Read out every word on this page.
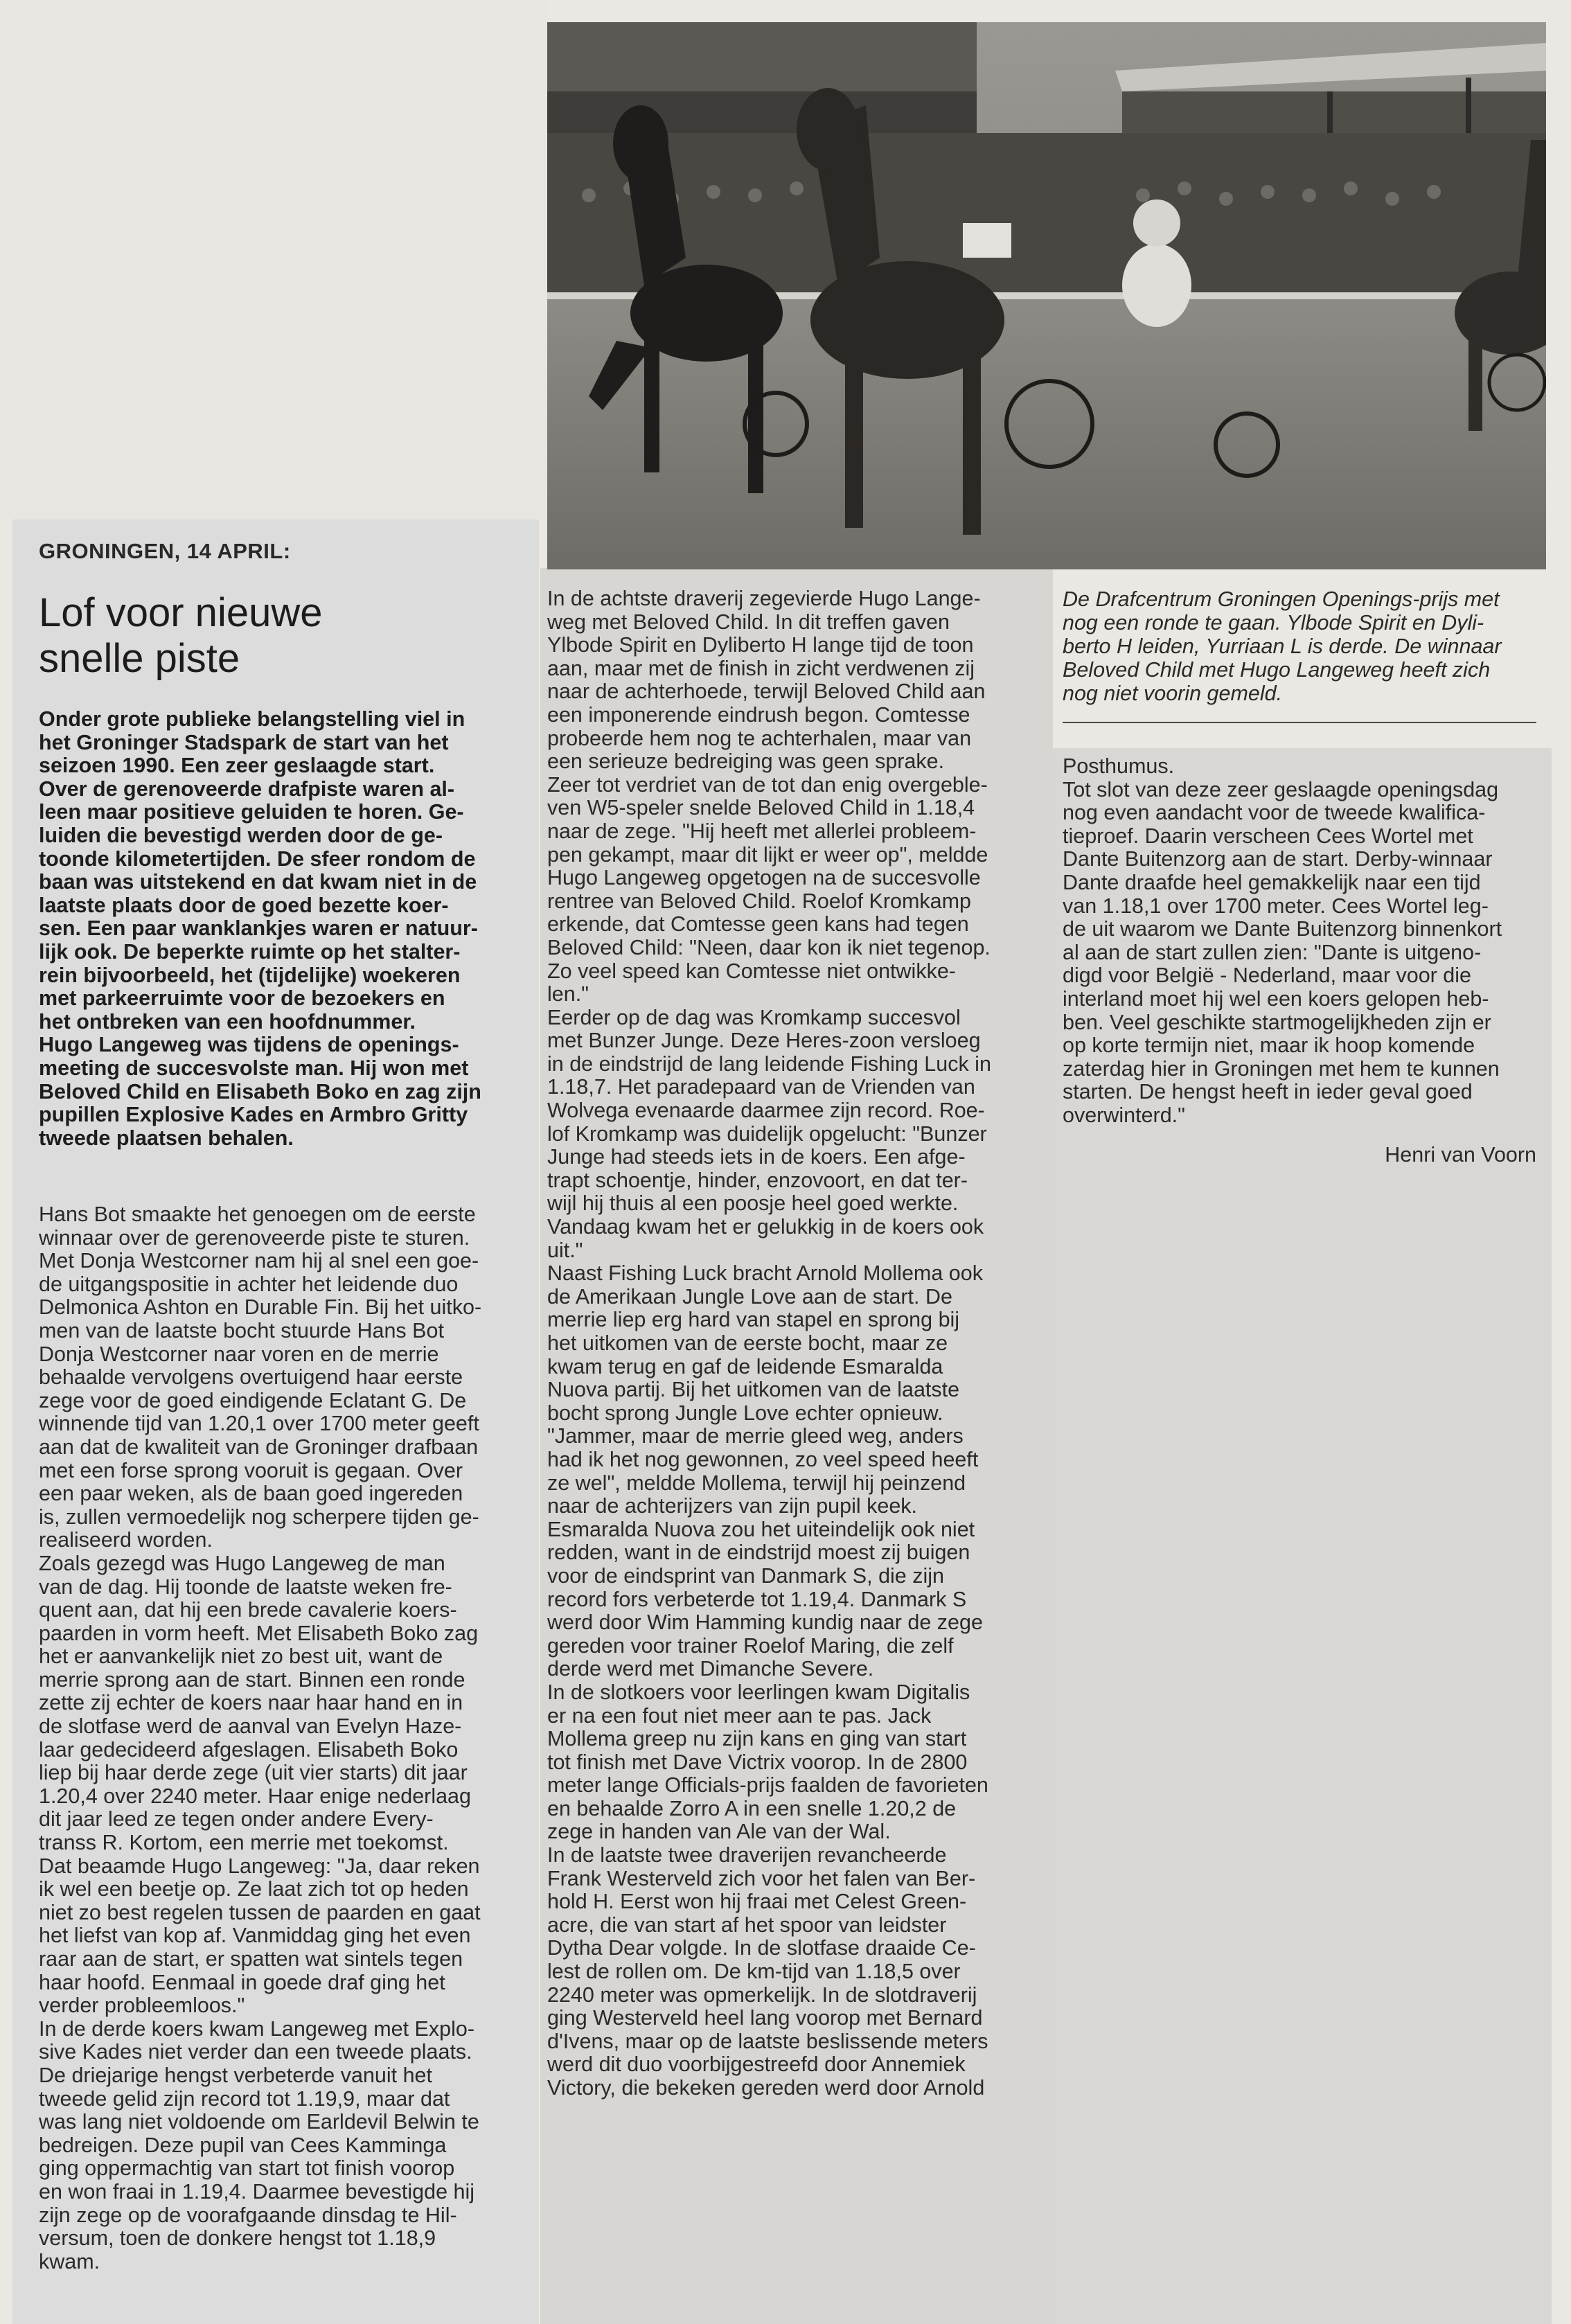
GRONINGEN, 14 APRIL:
Lof voor nieuwe
snelle piste
Onder grote publieke belangstelling viel in
het Groninger Stadspark de start van het
seizoen 1990. Een zeer geslaagde start.
Over de gerenoveerde drafpiste waren al-
leen maar positieve geluiden te horen. Ge-
luiden die bevestigd werden door de ge-
toonde kilometertijden. De sfeer rondom de
baan was uitstekend en dat kwam niet in de
laatste plaats door de goed bezette koer-
sen. Een paar wanklankjes waren er natuur-
lijk ook. De beperkte ruimte op het stalter-
rein bijvoorbeeld, het (tijdelijke) woekeren
met parkeerruimte voor de bezoekers en
het ontbreken van een hoofdnummer.
Hugo Langeweg was tijdens de openings-
meeting de succesvolste man. Hij won met
Beloved Child en Elisabeth Boko en zag zijn
pupillen Explosive Kades en Armbro Gritty
tweede plaatsen behalen.

Hans Bot smaakte het genoegen om de eerste
winnaar over de gerenoveerde piste te sturen.
Met Donja Westcorner nam hij al snel een goe-
de uitgangspositie in achter het leidende duo
Delmonica Ashton en Durable Fin. Bij het uitko-
men van de laatste bocht stuurde Hans Bot
Donja Westcorner naar voren en de merrie
behaalde vervolgens overtuigend haar eerste
zege voor de goed eindigende Eclatant G. De
winnende tijd van 1.20,1 over 1700 meter geeft
aan dat de kwaliteit van de Groninger drafbaan
met een forse sprong vooruit is gegaan. Over
een paar weken, als de baan goed ingereden
is, zullen vermoedelijk nog scherpere tijden ge-
realiseerd worden.
Zoals gezegd was Hugo Langeweg de man
van de dag. Hij toonde de laatste weken fre-
quent aan, dat hij een brede cavalerie koers-
paarden in vorm heeft. Met Elisabeth Boko zag
het er aanvankelijk niet zo best uit, want de
merrie sprong aan de start. Binnen een ronde
zette zij echter de koers naar haar hand en in
de slotfase werd de aanval van Evelyn Haze-
laar gedecideerd afgeslagen. Elisabeth Boko
liep bij haar derde zege (uit vier starts) dit jaar
1.20,4 over 2240 meter. Haar enige nederlaag
dit jaar leed ze tegen onder andere Every-
transs R. Kortom, een merrie met toekomst.
Dat beaamde Hugo Langeweg: "Ja, daar reken
ik wel een beetje op. Ze laat zich tot op heden
niet zo best regelen tussen de paarden en gaat
het liefst van kop af. Vanmiddag ging het even
raar aan de start, er spatten wat sintels tegen
haar hoofd. Eenmaal in goede draf ging het
verder probleemloos."
In de derde koers kwam Langeweg met Explo-
sive Kades niet verder dan een tweede plaats.
De driejarige hengst verbeterde vanuit het
tweede gelid zijn record tot 1.19,9, maar dat
was lang niet voldoende om Earldevil Belwin te
bedreigen. Deze pupil van Cees Kamminga
ging oppermachtig van start tot finish voorop
en won fraai in 1.19,4. Daarmee bevestigde hij
zijn zege op de voorafgaande dinsdag te Hil-
versum, toen de donkere hengst tot 1.18,9
kwam.

In de achtste draverij zegevierde Hugo Lange-
weg met Beloved Child. In dit treffen gaven
Ylbode Spirit en Dyliberto H lange tijd de toon
aan, maar met de finish in zicht verdwenen zij
naar de achterhoede, terwijl Beloved Child aan
een imponerende eindrush begon. Comtesse
probeerde hem nog te achterhalen, maar van
een serieuze bedreiging was geen sprake.
Zeer tot verdriet van de tot dan enig overgeble-
ven W5-speler snelde Beloved Child in 1.18,4
naar de zege. "Hij heeft met allerlei probleem-
pen gekampt, maar dit lijkt er weer op", meldde
Hugo Langeweg opgetogen na de succesvolle
rentree van Beloved Child. Roelof Kromkamp
erkende, dat Comtesse geen kans had tegen
Beloved Child: "Neen, daar kon ik niet tegenop.
Zo veel speed kan Comtesse niet ontwikke-
len."
Eerder op de dag was Kromkamp succesvol
met Bunzer Junge. Deze Heres-zoon versloeg
in de eindstrijd de lang leidende Fishing Luck in
1.18,7. Het paradepaard van de Vrienden van
Wolvega evenaarde daarmee zijn record. Roe-
lof Kromkamp was duidelijk opgelucht: "Bunzer
Junge had steeds iets in de koers. Een afge-
trapt schoentje, hinder, enzovoort, en dat ter-
wijl hij thuis al een poosje heel goed werkte.
Vandaag kwam het er gelukkig in de koers ook
uit."
Naast Fishing Luck bracht Arnold Mollema ook
de Amerikaan Jungle Love aan de start. De
merrie liep erg hard van stapel en sprong bij
het uitkomen van de eerste bocht, maar ze
kwam terug en gaf de leidende Esmaralda
Nuova partij. Bij het uitkomen van de laatste
bocht sprong Jungle Love echter opnieuw.
"Jammer, maar de merrie gleed weg, anders
had ik het nog gewonnen, zo veel speed heeft
ze wel", meldde Mollema, terwijl hij peinzend
naar de achterijzers van zijn pupil keek.
Esmaralda Nuova zou het uiteindelijk ook niet
redden, want in de eindstrijd moest zij buigen
voor de eindsprint van Danmark S, die zijn
record fors verbeterde tot 1.19,4. Danmark S
werd door Wim Hamming kundig naar de zege
gereden voor trainer Roelof Maring, die zelf
derde werd met Dimanche Severe.
In de slotkoers voor leerlingen kwam Digitalis
er na een fout niet meer aan te pas. Jack
Mollema greep nu zijn kans en ging van start
tot finish met Dave Victrix voorop. In de 2800
meter lange Officials-prijs faalden de favorieten
en behaalde Zorro A in een snelle 1.20,2 de
zege in handen van Ale van der Wal.
In de laatste twee draverijen revancheerde
Frank Westerveld zich voor het falen van Ber-
hold H. Eerst won hij fraai met Celest Green-
acre, die van start af het spoor van leidster
Dytha Dear volgde. In de slotfase draaide Ce-
lest de rollen om. De km-tijd van 1.18,5 over
2240 meter was opmerkelijk. In de slotdraverij
ging Westerveld heel lang voorop met Bernard
d'Ivens, maar op de laatste beslissende meters
werd dit duo voorbijgestreefd door Annemiek
Victory, die bekeken gereden werd door Arnold

De Drafcentrum Groningen Openings-prijs met
nog een ronde te gaan. Ylbode Spirit en Dyli-
berto H leiden, Yurriaan L is derde. De winnaar
Beloved Child met Hugo Langeweg heeft zich
nog niet voorin gemeld.

Posthumus.
Tot slot van deze zeer geslaagde openingsdag
nog even aandacht voor de tweede kwalifica-
tieproef. Daarin verscheen Cees Wortel met
Dante Buitenzorg aan de start. Derby-winnaar
Dante draafde heel gemakkelijk naar een tijd
van 1.18,1 over 1700 meter. Cees Wortel leg-
de uit waarom we Dante Buitenzorg binnenkort
al aan de start zullen zien: "Dante is uitgeno-
digd voor België - Nederland, maar voor die
interland moet hij wel een koers gelopen heb-
ben. Veel geschikte startmogelijkheden zijn er
op korte termijn niet, maar ik hoop komende
zaterdag hier in Groningen met hem te kunnen
starten. De hengst heeft in ieder geval goed
overwinterd."

Henri van Voorn
